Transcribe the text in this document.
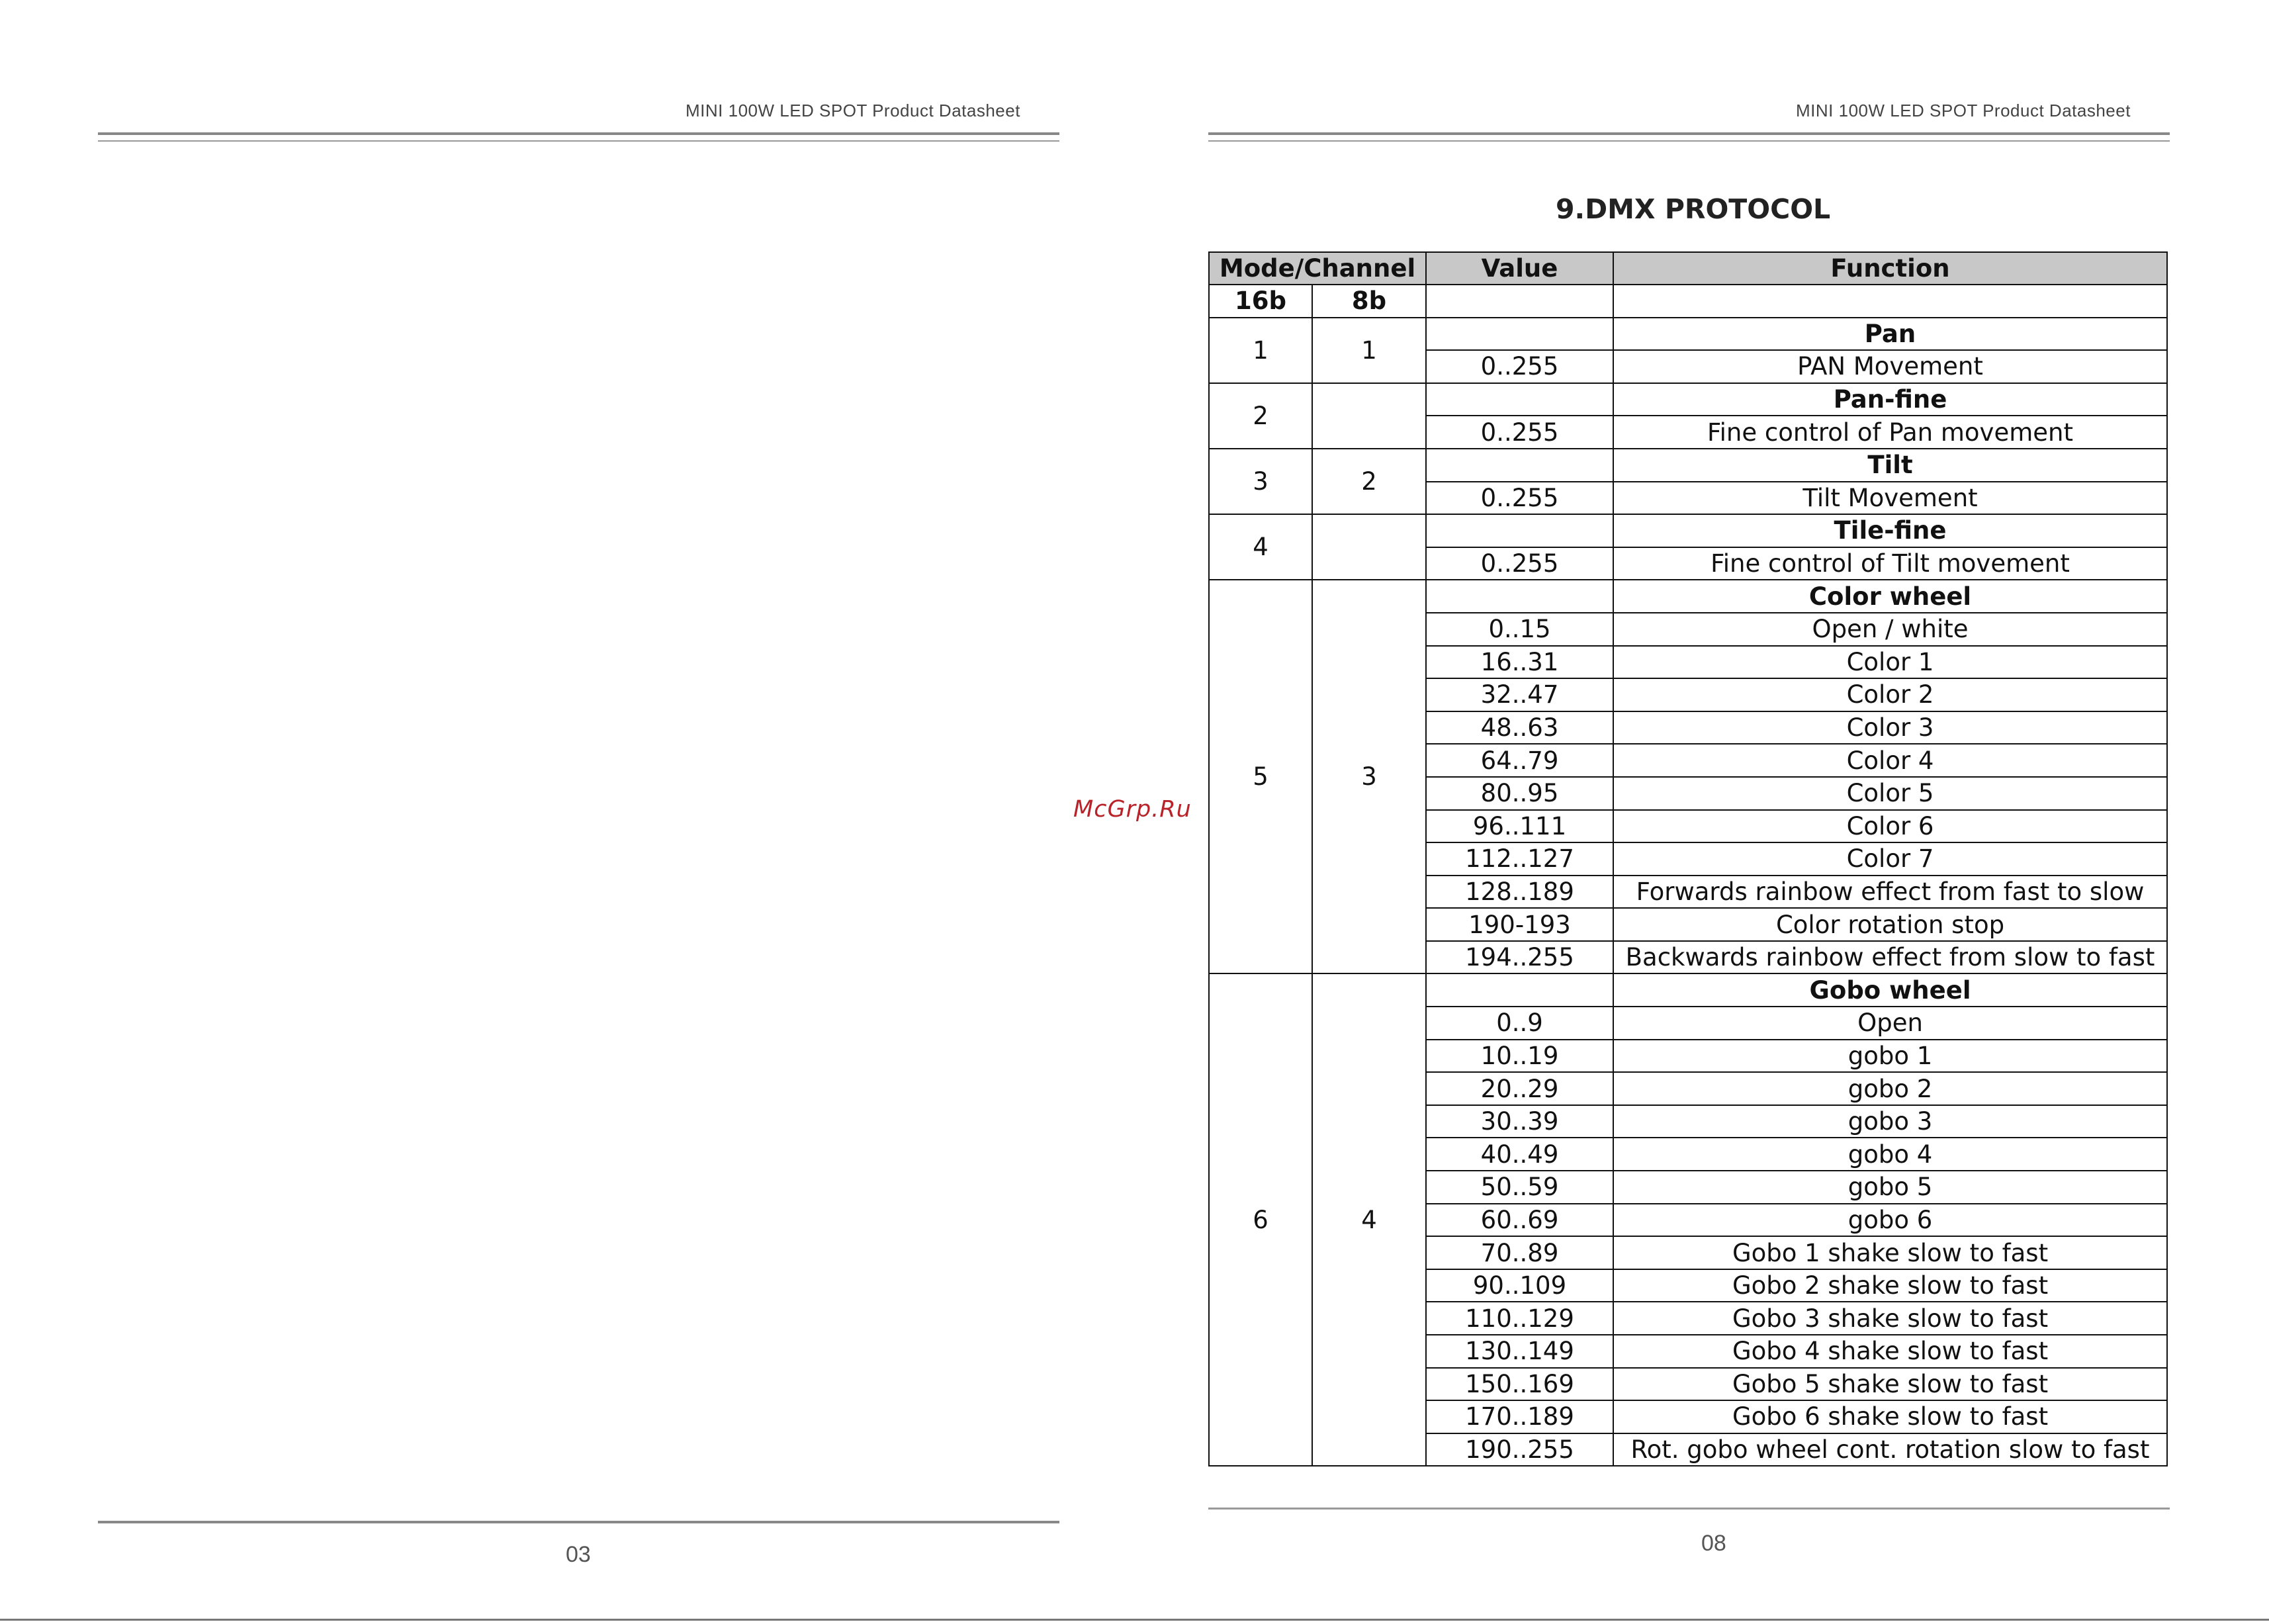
MINI 100W LED SPOT Product Datasheet
03
McGrp.Ru
MINI 100W LED SPOT Product Datasheet
9.DMX PROTOCOL
Mode/Channel		Value	Function
16b	8b		
1	1		Pan
		0..255	PAN Movement
2			Pan-fine
		0..255	Fine control of Pan movement
3	2		Tilt
		0..255	Tilt Movement
4			Tile-fine
		0..255	Fine control of Tilt movement
5	3		Color wheel
		0..15	Open / white
		16..31	Color 1
		32..47	Color 2
		48..63	Color 3
		64..79	Color 4
		80..95	Color 5
		96..111	Color 6
		112..127	Color 7
		128..189	Forwards rainbow effect from fast to slow
		190-193	Color rotation stop
		194..255	Backwards rainbow effect from slow to fast
6	4		Gobo wheel
		0..9	Open
		10..19	gobo 1
		20..29	gobo 2
		30..39	gobo 3
		40..49	gobo 4
		50..59	gobo 5
		60..69	gobo 6
		70..89	Gobo 1 shake slow to fast
		90..109	Gobo 2 shake slow to fast
		110..129	Gobo 3 shake slow to fast
		130..149	Gobo 4 shake slow to fast
		150..169	Gobo 5 shake slow to fast
		170..189	Gobo 6 shake slow to fast
		190..255	Rot. gobo wheel cont. rotation slow to fast
08
